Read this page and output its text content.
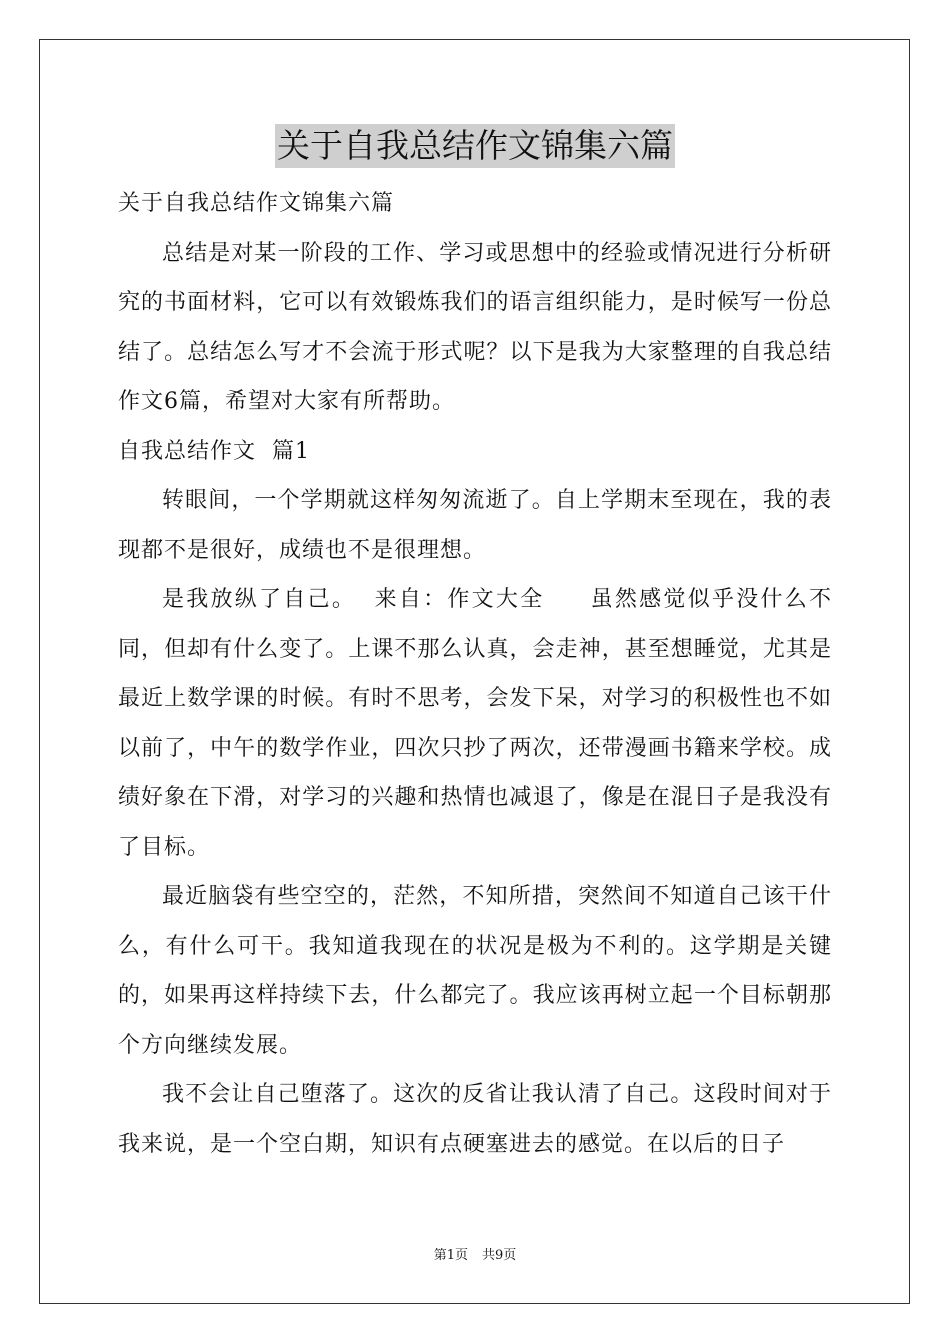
关于自我总结作文锦集六篇
关于自我总结作文锦集六篇

总结是对某一阶段的工作、学习或思想中的经验或情况进行分析研究的书面材料，它可以有效锻炼我们的语言组织能力，是时候写一份总结了。总结怎么写才不会流于形式呢？以下是我为大家整理的自我总结作文6篇，希望对大家有所帮助。

自我总结作文  篇1

转眼间，一个学期就这样匆匆流逝了。自上学期末至现在，我的表现都不是很好，成绩也不是很理想。

是我放纵了自己。  来自：作文大全     虽然感觉似乎没什么不同，但却有什么变了。上课不那么认真，会走神，甚至想睡觉，尤其是最近上数学课的时候。有时不思考，会发下呆，对学习的积极性也不如以前了，中午的数学作业，四次只抄了两次，还带漫画书籍来学校。成绩好象在下滑，对学习的兴趣和热情也减退了，像是在混日子是我没有了目标。

最近脑袋有些空空的，茫然，不知所措，突然间不知道自己该干什么，有什么可干。我知道我现在的状况是极为不利的。这学期是关键的，如果再这样持续下去，什么都完了。我应该再树立起一个目标朝那个方向继续发展。

我不会让自己堕落了。这次的反省让我认清了自己。这段时间对于我来说，是一个空白期，知识有点硬塞进去的感觉。在以后的日子

第1页 共9页
